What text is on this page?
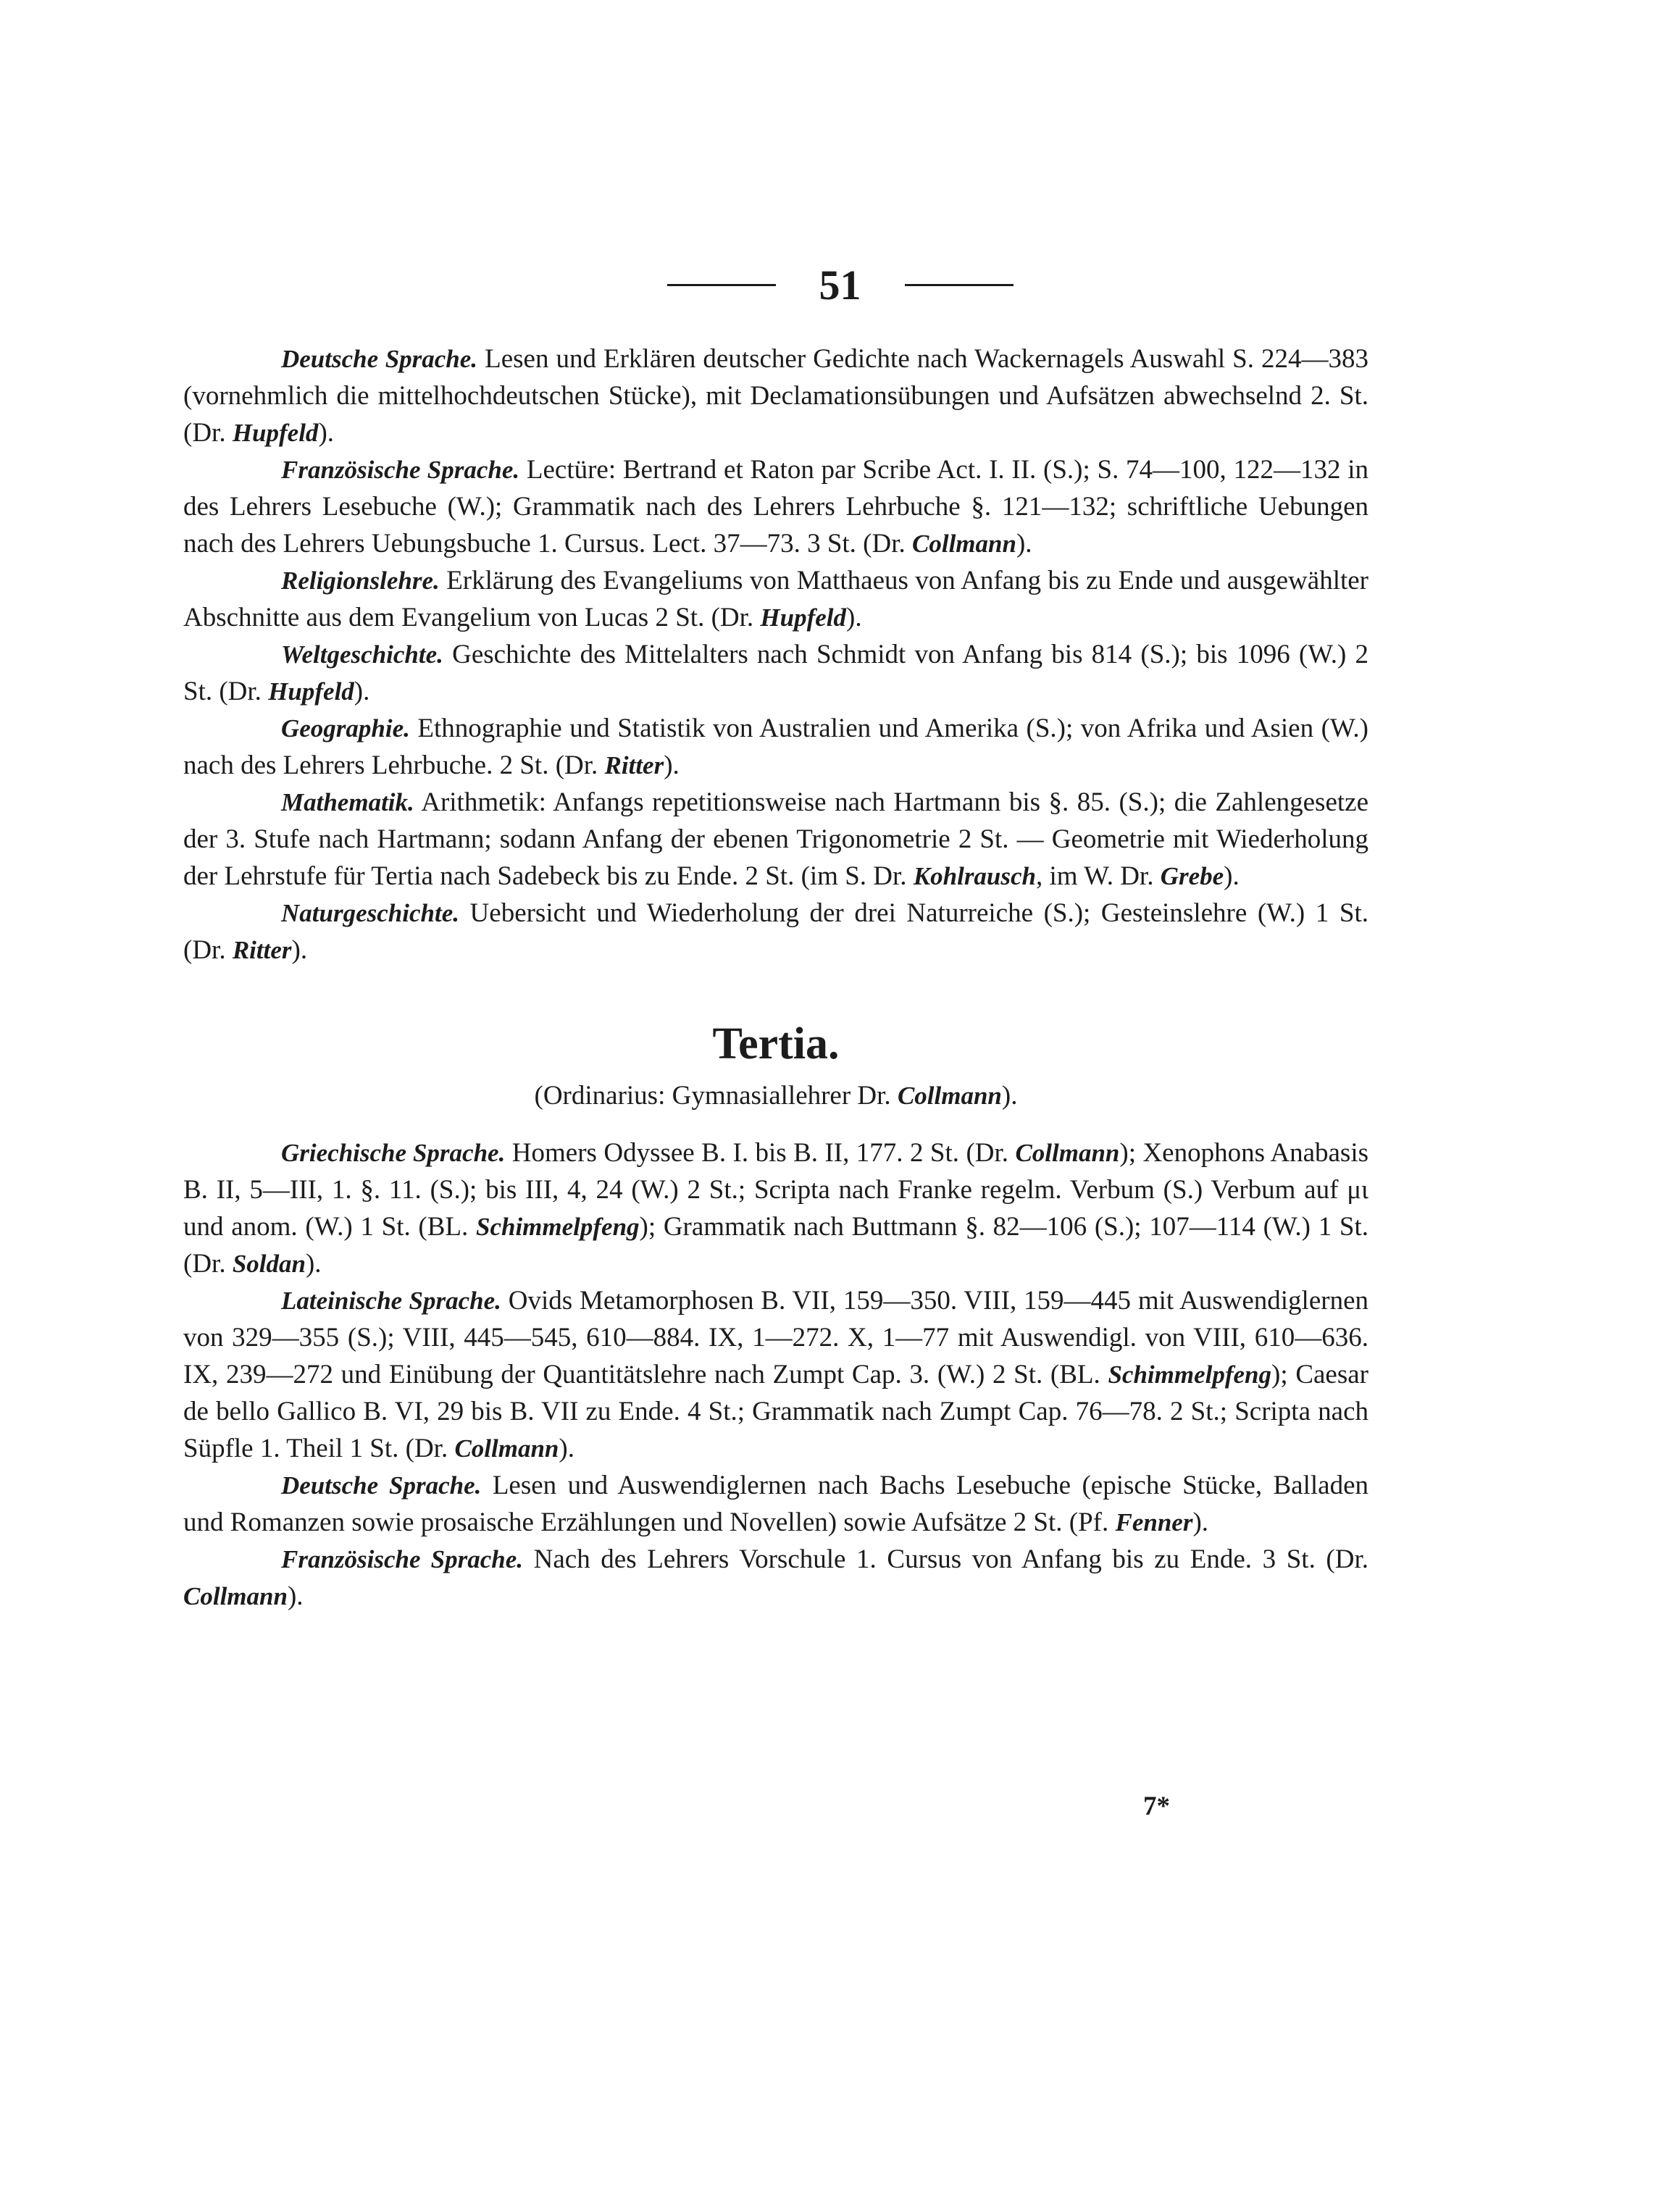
51

Deutsche Sprache. Lesen und Erklären deutscher Gedichte nach Wackernagels Auswahl S. 224—383 (vornehmlich die mittelhochdeutschen Stücke), mit Declamationsübungen und Aufsätzen abwechselnd 2. St. (Dr. Hupfeld).

Französische Sprache. Lectüre: Bertrand et Raton par Scribe Act. I. II. (S.); S. 74—100, 122—132 in des Lehrers Lesebuche (W.); Grammatik nach des Lehrers Lehrbuche §. 121—132; schriftliche Uebungen nach des Lehrers Uebungsbuche 1. Cursus. Lect. 37—73. 3 St. (Dr. Collmann).

Religionslehre. Erklärung des Evangeliums von Matthaeus von Anfang bis zu Ende und ausgewählter Abschnitte aus dem Evangelium von Lucas 2 St. (Dr. Hupfeld).

Weltgeschichte. Geschichte des Mittelalters nach Schmidt von Anfang bis 814 (S.); bis 1096 (W.) 2 St. (Dr. Hupfeld).

Geographie. Ethnographie und Statistik von Australien und Amerika (S.); von Afrika und Asien (W.) nach des Lehrers Lehrbuche. 2 St. (Dr. Ritter).

Mathematik. Arithmetik: Anfangs repetitionsweise nach Hartmann bis §. 85. (S.); die Zahlengesetze der 3. Stufe nach Hartmann; sodann Anfang der ebenen Trigonometrie 2 St. — Geometrie mit Wiederholung der Lehrstufe für Tertia nach Sadebeck bis zu Ende. 2 St. (im S. Dr. Kohlrausch, im W. Dr. Grebe).

Naturgeschichte. Uebersicht und Wiederholung der drei Naturreiche (S.); Gesteinslehre (W.) 1 St. (Dr. Ritter).

Tertia.
(Ordinarius: Gymnasiallehrer Dr. Collmann).

Griechische Sprache. Homers Odyssee B. I. bis B. II, 177. 2 St. (Dr. Collmann); Xenophons Anabasis B. II, 5—III, 1. §. 11. (S.); bis III, 4, 24 (W.) 2 St.; Scripta nach Franke regelm. Verbum (S.) Verbum auf μι und anom. (W.) 1 St. (BL. Schimmelpfeng); Grammatik nach Buttmann §. 82—106 (S.); 107—114 (W.) 1 St. (Dr. Soldan).

Lateinische Sprache. Ovids Metamorphosen B. VII, 159—350. VIII, 159—445 mit Auswendiglernen von 329—355 (S.); VIII, 445—545, 610—884. IX, 1—272. X, 1—77 mit Auswendigl. von VIII, 610—636. IX, 239—272 und Einübung der Quantitätslehre nach Zumpt Cap. 3. (W.) 2 St. (BL. Schimmelpfeng); Caesar de bello Gallico B. VI, 29 bis B. VII zu Ende. 4 St.; Grammatik nach Zumpt Cap. 76—78. 2 St.; Scripta nach Süpfle 1. Theil 1 St. (Dr. Collmann).

Deutsche Sprache. Lesen und Auswendiglernen nach Bachs Lesebuche (epische Stücke, Balladen und Romanzen sowie prosaische Erzählungen und Novellen) sowie Aufsätze 2 St. (Pf. Fenner).

Französische Sprache. Nach des Lehrers Vorschule 1. Cursus von Anfang bis zu Ende. 3 St. (Dr. Collmann).

7*
